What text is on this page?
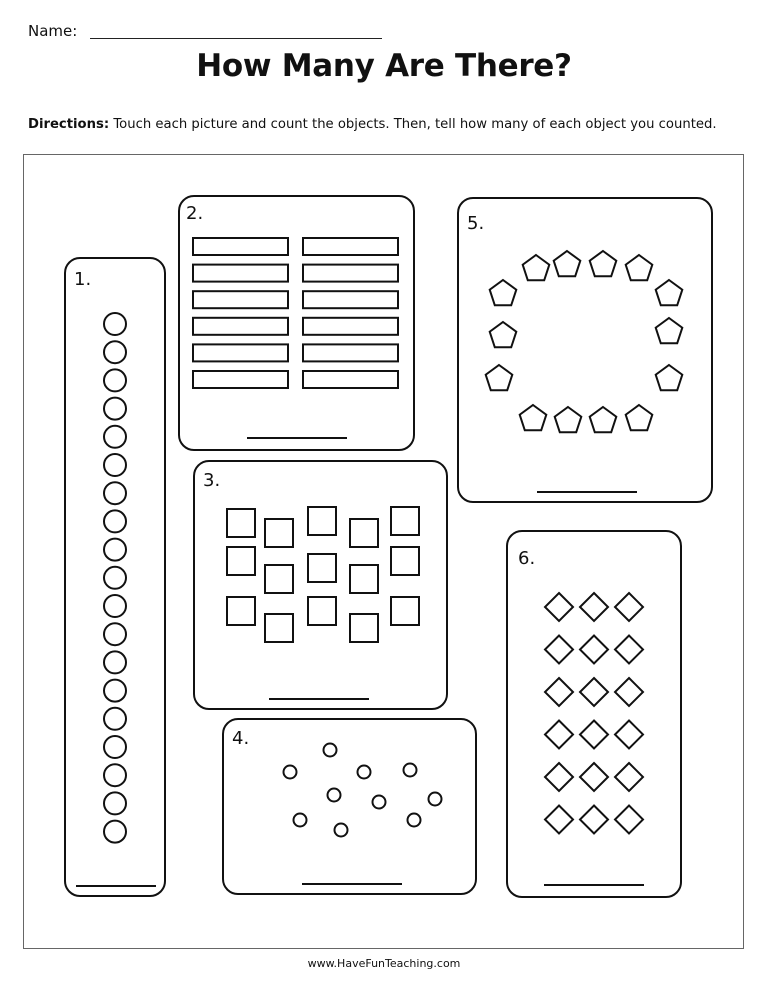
Name:
How Many Are There?
Directions: Touch each picture and count the objects. Then, tell how many of each object you counted.
1.
2.
3.
4.
5.
6.
www.HaveFunTeaching.com
